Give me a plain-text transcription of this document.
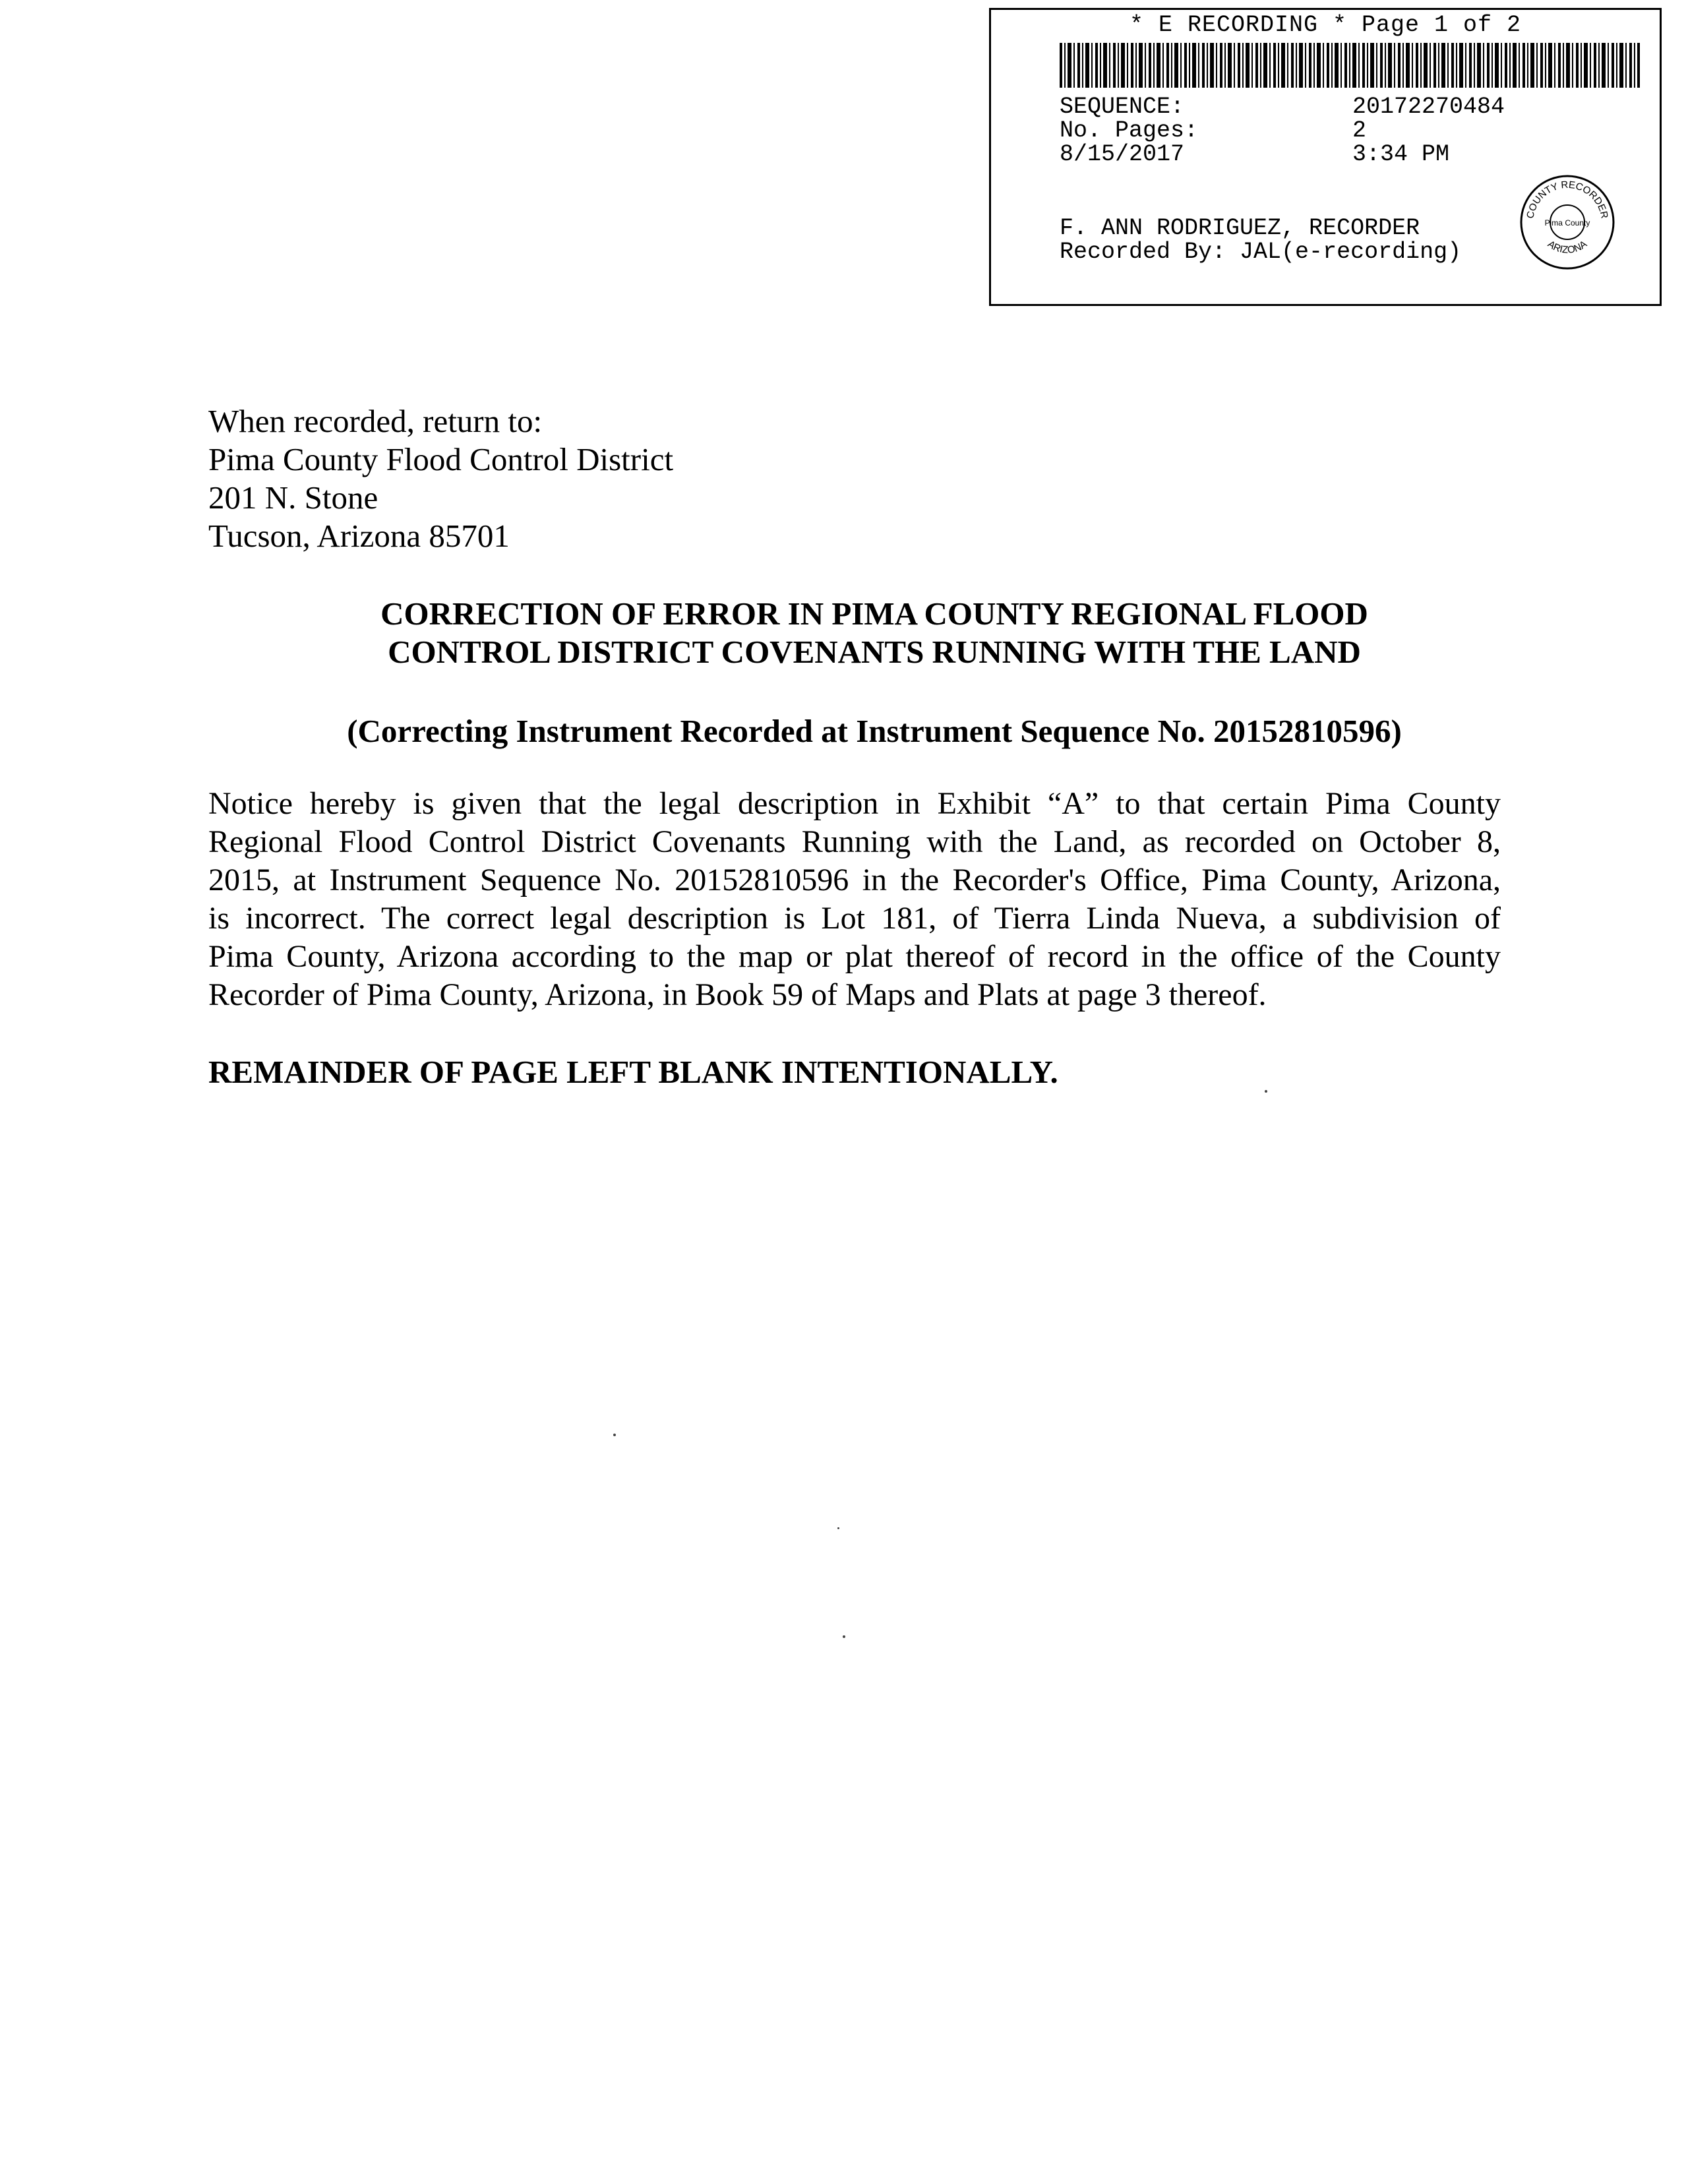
* E RECORDING * Page 1 of 2
SEQUENCE:	20172270484
No. Pages:	2
8/15/2017	3:34 PM
F. ANN RODRIGUEZ, RECORDER
Recorded By: JAL(e-recording)
COUNTY RECORDER
ARIZONA
Pima County
When recorded, return to:
Pima County Flood Control District
201 N. Stone
Tucson, Arizona 85701
CORRECTION OF ERROR IN PIMA COUNTY REGIONAL FLOOD
CONTROL DISTRICT COVENANTS RUNNING WITH THE LAND
(Correcting Instrument Recorded at Instrument Sequence No. 20152810596)
Notice hereby is given that the legal description in Exhibit “A” to that certain Pima County
Regional Flood Control District Covenants Running with the Land, as recorded on October 8,
2015, at Instrument Sequence No. 20152810596 in the Recorder's Office, Pima County, Arizona,
is incorrect. The correct legal description is Lot 181, of Tierra Linda Nueva, a subdivision of
Pima County, Arizona according to the map or plat thereof of record in the office of the County
Recorder of Pima County, Arizona, in Book 59 of Maps and Plats at page 3 thereof.
REMAINDER OF PAGE LEFT BLANK INTENTIONALLY.
